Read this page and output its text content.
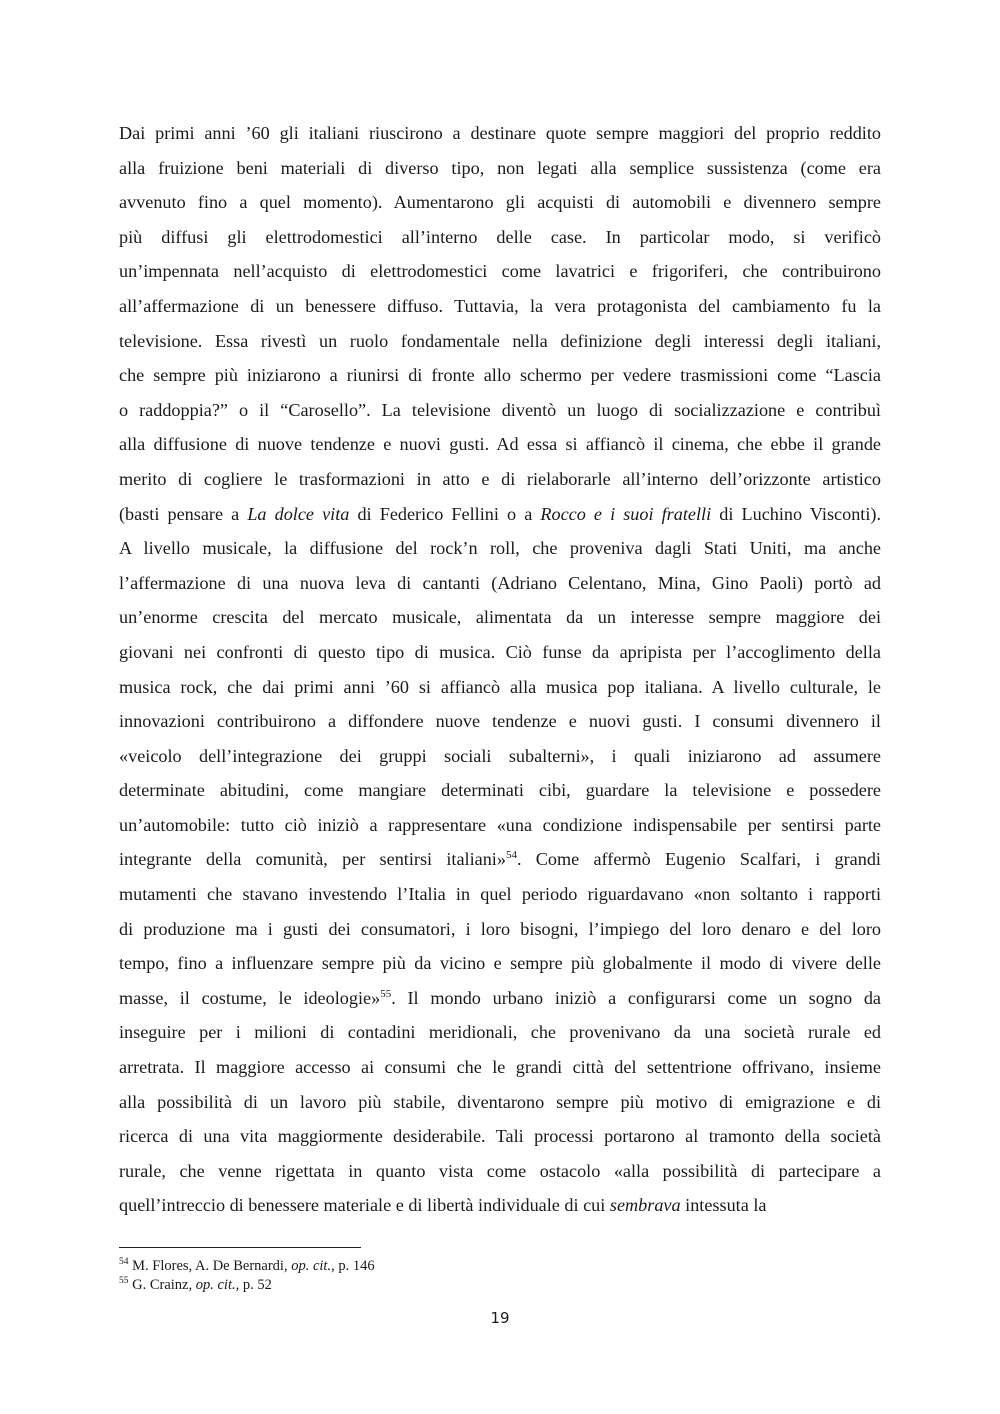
Dai primi anni ’60 gli italiani riuscirono a destinare quote sempre maggiori del proprio reddito
alla fruizione beni materiali di diverso tipo, non legati alla semplice sussistenza (come era
avvenuto fino a quel momento). Aumentarono gli acquisti di automobili e divennero sempre
più diffusi gli elettrodomestici all’interno delle case. In particolar modo, si verificò
un’impennata nell’acquisto di elettrodomestici come lavatrici e frigoriferi, che contribuirono
all’affermazione di un benessere diffuso. Tuttavia, la vera protagonista del cambiamento fu la
televisione. Essa rivestì un ruolo fondamentale nella definizione degli interessi degli italiani,
che sempre più iniziarono a riunirsi di fronte allo schermo per vedere trasmissioni come “Lascia
o raddoppia?” o il “Carosello”. La televisione diventò un luogo di socializzazione e contribuì
alla diffusione di nuove tendenze e nuovi gusti. Ad essa si affiancò il cinema, che ebbe il grande
merito di cogliere le trasformazioni in atto e di rielaborarle all’interno dell’orizzonte artistico
(basti pensare a La dolce vita di Federico Fellini o a Rocco e i suoi fratelli di Luchino Visconti).
A livello musicale, la diffusione del rock’n roll, che proveniva dagli Stati Uniti, ma anche
l’affermazione di una nuova leva di cantanti (Adriano Celentano, Mina, Gino Paoli) portò ad
un’enorme crescita del mercato musicale, alimentata da un interesse sempre maggiore dei
giovani nei confronti di questo tipo di musica. Ciò funse da apripista per l’accoglimento della
musica rock, che dai primi anni ’60 si affiancò alla musica pop italiana. A livello culturale, le
innovazioni contribuirono a diffondere nuove tendenze e nuovi gusti. I consumi divennero il
«veicolo dell’integrazione dei gruppi sociali subalterni», i quali iniziarono ad assumere
determinate abitudini, come mangiare determinati cibi, guardare la televisione e possedere
un’automobile: tutto ciò iniziò a rappresentare «una condizione indispensabile per sentirsi parte
integrante della comunità, per sentirsi italiani»$^{54}$. Come affermò Eugenio Scalfari, i grandi
mutamenti che stavano investendo l’Italia in quel periodo riguardavano «non soltanto i rapporti
di produzione ma i gusti dei consumatori, i loro bisogni, l’impiego del loro denaro e del loro
tempo, fino a influenzare sempre più da vicino e sempre più globalmente il modo di vivere delle
masse, il costume, le ideologie»$^{55}$. Il mondo urbano iniziò a configurarsi come un sogno da
inseguire per i milioni di contadini meridionali, che provenivano da una società rurale ed
arretrata. Il maggiore accesso ai consumi che le grandi città del settentrione offrivano, insieme
alla possibilità di un lavoro più stabile, diventarono sempre più motivo di emigrazione e di
ricerca di una vita maggiormente desiderabile. Tali processi portarono al tramonto della società
rurale, che venne rigettata in quanto vista come ostacolo «alla possibilità di partecipare a
quell’intreccio di benessere materiale e di libertà individuale di cui sembrava intessuta la
$^{54}$ M. Flores, A. De Bernardi, op. cit., p. 146
$^{55}$ G. Crainz, op. cit., p. 52
19
